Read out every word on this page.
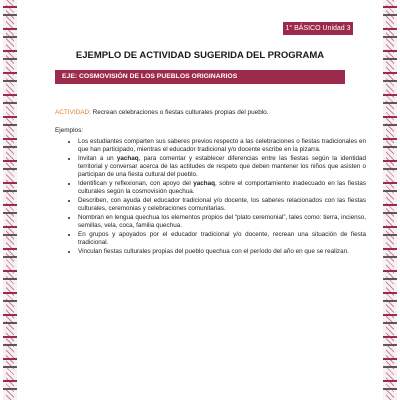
1° BÁSICO Unidad 3
EJEMPLO DE ACTIVIDAD SUGERIDA DEL PROGRAMA
EJE: COSMOVISIÓN DE LOS PUEBLOS ORIGINARIOS
ACTIVIDAD: Recrean celebraciones o fiestas culturales propias del pueblo.
Ejemplos:
• Los estudiantes comparten sus saberes previos respecto a las celebraciones o fiestas tradicionales en que han participado, mientras el educador tradicional y/o docente escribe en la pizarra.
• Invitan a un yachaq, para comentar y establecer diferencias entre las fiestas según la identidad territorial y conversar acerca de las actitudes de respeto que deben mantener los niños que asisten o participan de una fiesta cultural del pueblo.
• Identifican y reflexionan, con apoyo del yachaq, sobre el comportamiento inadecuado en las fiestas culturales según la cosmovisión quechua.
• Describen, con ayuda del educador tradicional y/o docente, los saberes relacionados con las fiestas culturales, ceremonias y celebraciones comunitarias.
• Nombran en lengua quechua los elementos propios del “plato ceremonial”, tales como: tierra, incienso, semillas, vela, coca, familia quechua.
• En grupos y apoyados por el educador tradicional y/o docente, recrean una situación de fiesta tradicional.
• Vinculan fiestas culturales propias del pueblo quechua con el período del año en que se realizan.
